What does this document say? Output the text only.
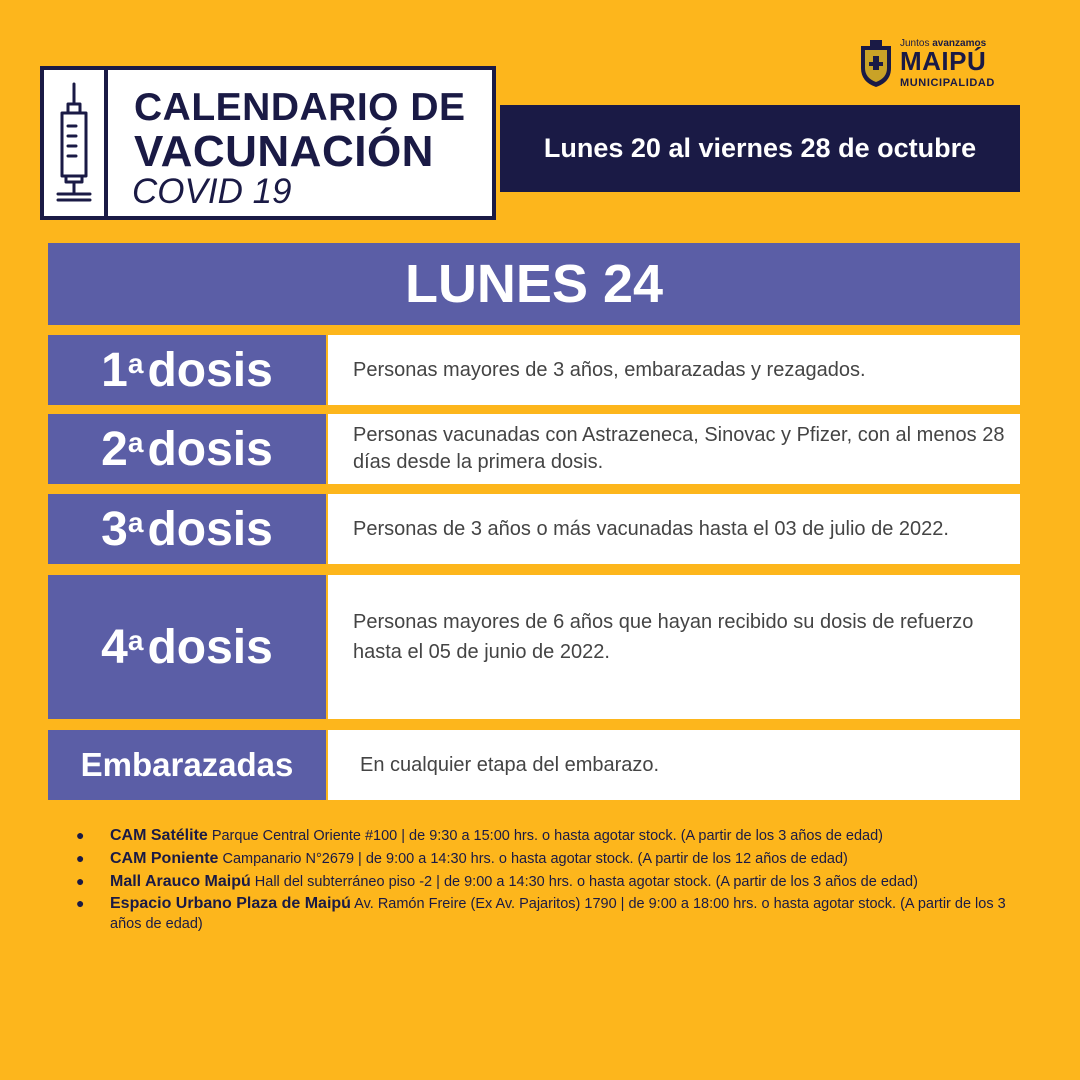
CALENDARIO DE
VACUNACIÓN
COVID 19
Lunes 20 al viernes 28 de octubre
Juntos avanzamos
MAIPÚ
MUNICIPALIDAD
LUNES 24
1$^a$ dosis	Personas mayores de 3 años, embarazadas y rezagados.
2$^a$ dosis	Personas vacunadas con Astrazeneca, Sinovac y Pfizer, con al menos 28 días desde la primera dosis.
3$^a$ dosis	Personas de 3 años o más vacunadas hasta el 03 de julio de 2022.
4$^a$ dosis	Personas mayores de 6 años que hayan recibido su dosis de refuerzo hasta el 05 de junio de 2022.
Embarazadas	En cualquier etapa del embarazo.
● CAM Satélite Parque Central Oriente #100 | de 9:30 a 15:00 hrs. o hasta agotar stock. (A partir de los 3 años de edad)
● CAM Poniente Campanario N°2679 | de 9:00 a 14:30 hrs. o hasta agotar stock. (A partir de los 12 años de edad)
● Mall Arauco Maipú Hall del subterráneo piso -2 | de 9:00 a 14:30 hrs. o hasta agotar stock. (A partir de los 3 años de edad)
● Espacio Urbano Plaza de Maipú Av. Ramón Freire (Ex Av. Pajaritos) 1790 | de 9:00 a 18:00 hrs. o hasta agotar stock. (A partir de los 3 años de edad)
